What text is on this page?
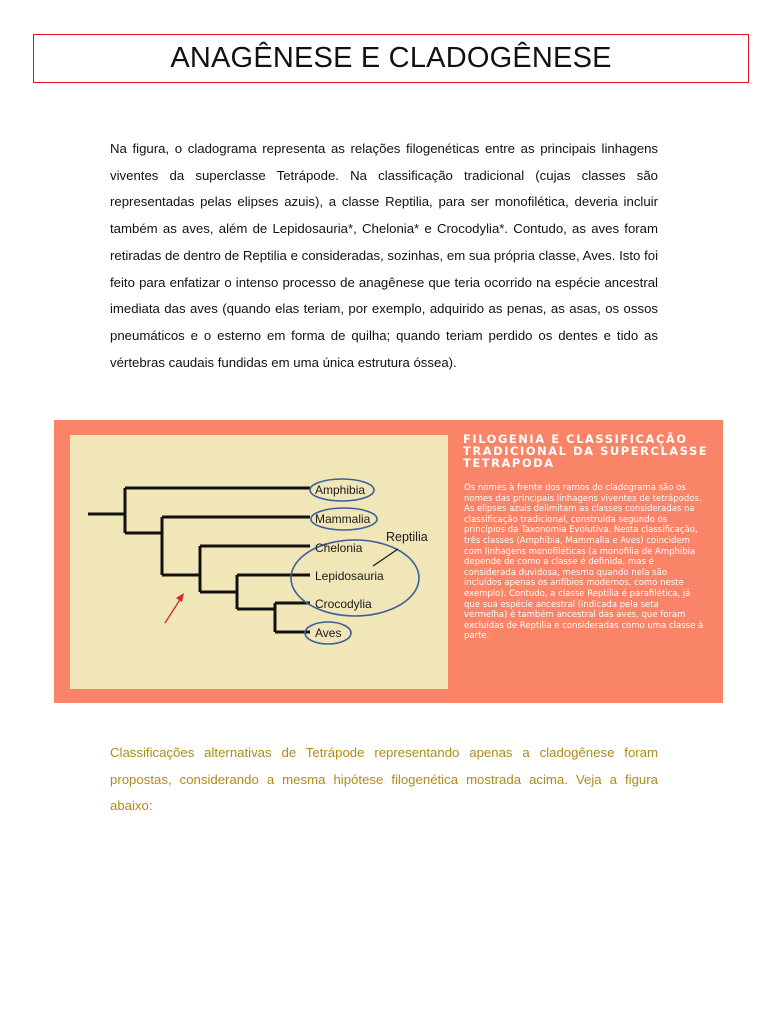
ANAGÊNESE E CLADOGÊNESE

Na figura, o cladograma representa as relações filogenéticas entre as principais linhagens viventes da superclasse Tetrápode. Na classificação tradicional (cujas classes são representadas pelas elipses azuis), a classe Reptilia, para ser monofilética, deveria incluir também as aves, além de Lepidosauria*, Chelonia* e Crocodylia*. Contudo, as aves foram retiradas de dentro de Reptilia e consideradas, sozinhas, em sua própria classe, Aves. Isto foi feito para enfatizar o intenso processo de anagênese que teria ocorrido na espécie ancestral imediata das aves (quando elas teriam, por exemplo, adquirido as penas, as asas, os ossos pneumáticos e o esterno em forma de quilha; quando teriam perdido os dentes e tido as vértebras caudais fundidas em uma única estrutura óssea).

Amphibia
Mammalia
Chelonia
Lepidosauria
Crocodylia
Aves
Reptilia

FILOGENIA E CLASSIFICAÇÃO TRADICIONAL DA SUPERCLASSE TETRAPODA

Os nomes à frente dos ramos do cladograma são os nomes das principais linhagens viventes de tetrápodos. As elipses azuis delimitam as classes consideradas na classificação tradicional, construída segundo os princípios da Taxonomia Evolutiva. Nesta classificação, três classes (Amphibia, Mammalia e Aves) coincidem com linhagens monofiléticas (a monofilia de Amphibia depende de como a classe é definida, mas é considerada duvidosa, mesmo quando nela são incluídos apenas os anfíbios modernos, como neste exemplo). Contudo, a classe Reptilia é parafilética, já que sua espécie ancestral (indicada pela seta vermelha) é também ancestral das aves, que foram excluídas de Reptilia e consideradas como uma classe à parte.

Classificações alternativas de Tetrápode representando apenas a cladogênese foram propostas, considerando a mesma hipótese filogenética mostrada acima. Veja a figura abaixo:
